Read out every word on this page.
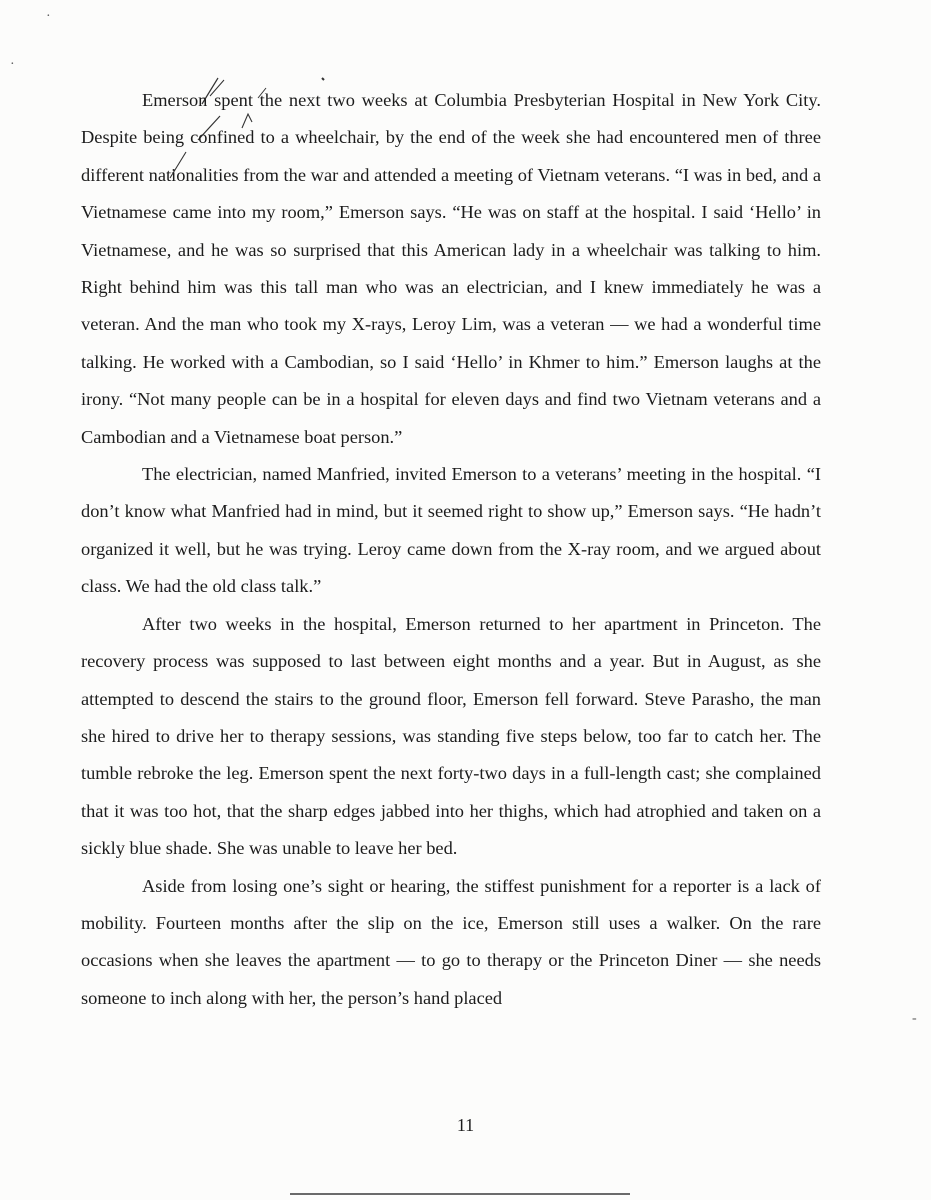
·
·
-

Emerson spent the next two weeks at Columbia Presbyterian Hospital in New York City. Despite being confined to a wheelchair, by the end of the week she had encountered men of three different nationalities from the war and attended a meeting of Vietnam veterans. “I was in bed, and a Vietnamese came into my room,” Emerson says. “He was on staff at the hospital. I said ‘Hello’ in Vietnamese, and he was so surprised that this American lady in a wheelchair was talking to him. Right behind him was this tall man who was an electrician, and I knew immediately he was a veteran. And the man who took my X-rays, Leroy Lim, was a veteran — we had a wonderful time talking. He worked with a Cambodian, so I said ‘Hello’ in Khmer to him.” Emerson laughs at the irony. “Not many people can be in a hospital for eleven days and find two Vietnam veterans and a Cambodian and a Vietnamese boat person.”

The electrician, named Manfried, invited Emerson to a veterans’ meeting in the hospital. “I don’t know what Manfried had in mind, but it seemed right to show up,” Emerson says. “He hadn’t organized it well, but he was trying. Leroy came down from the X-ray room, and we argued about class. We had the old class talk.”

After two weeks in the hospital, Emerson returned to her apartment in Princeton. The recovery process was supposed to last between eight months and a year. But in August, as she attempted to descend the stairs to the ground floor, Emerson fell forward. Steve Parasho, the man she hired to drive her to therapy sessions, was standing five steps below, too far to catch her. The tumble rebroke the leg. Emerson spent the next forty-two days in a full-length cast; she complained that it was too hot, that the sharp edges jabbed into her thighs, which had atrophied and taken on a sickly blue shade. She was unable to leave her bed.

Aside from losing one’s sight or hearing, the stiffest punishment for a reporter is a lack of mobility. Fourteen months after the slip on the ice, Emerson still uses a walker. On the rare occasions when she leaves the apartment — to go to therapy or the Princeton Diner — she needs someone to inch along with her, the person’s hand placed

11
